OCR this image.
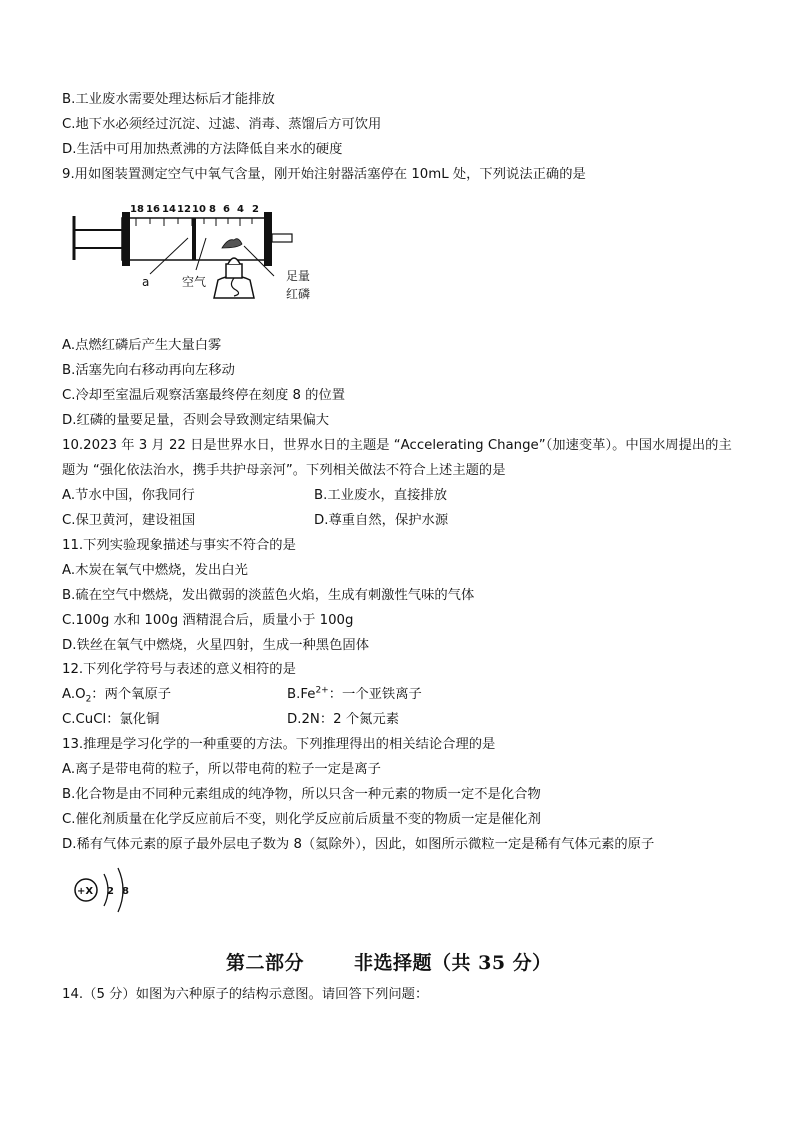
B.工业废水需要处理达标后才能排放
C.地下水必须经过沉淀、过滤、消毒、蒸馏后方可饮用
D.生活中可用加热煮沸的方法降低自来水的硬度
9.用如图装置测定空气中氧气含量，刚开始注射器活塞停在 10mL 处，下列说法正确的是
18 16 14 12 10 8 6 4 2
a	空气	足量
红磷
A.点燃红磷后产生大量白雾
B.活塞先向右移动再向左移动
C.冷却至室温后观察活塞最终停在刻度 8 的位置
D.红磷的量要足量，否则会导致测定结果偏大
10.2023 年 3 月 22 日是世界水日，世界水日的主题是 “Accelerating Change”（加速变革）。中国水周提出的主
题为 “强化依法治水，携手共护母亲河”。下列相关做法不符合上述主题的是
A.节水中国，你我同行	B.工业废水，直接排放
C.保卫黄河，建设祖国	D.尊重自然，保护水源
11.下列实验现象描述与事实不符合的是
A.木炭在氧气中燃烧，发出白光
B.硫在空气中燃烧，发出微弱的淡蓝色火焰，生成有刺激性气味的气体
C.100g 水和 100g 酒精混合后，质量小于 100g
D.铁丝在氧气中燃烧，火星四射，生成一种黑色固体
12.下列化学符号与表述的意义相符的是
$A.O_2$：两个氧原子	$B.Fe^{2+}$：一个亚铁离子
C.CuCl：氯化铜	D.2N：2 个氮元素
13.推理是学习化学的一种重要的方法。下列推理得出的相关结论合理的是
A.离子是带电荷的粒子，所以带电荷的粒子一定是离子
B.化合物是由不同种元素组成的纯净物，所以只含一种元素的物质一定不是化合物
C.催化剂质量在化学反应前后不变，则化学反应前后质量不变的物质一定是催化剂
D.稀有气体元素的原子最外层电子数为 8（氦除外），因此，如图所示微粒一定是稀有气体元素的原子
+X 2 8
第二部分	非选择题（共 35 分）
14.（5 分）如图为六种原子的结构示意图。请回答下列问题：
